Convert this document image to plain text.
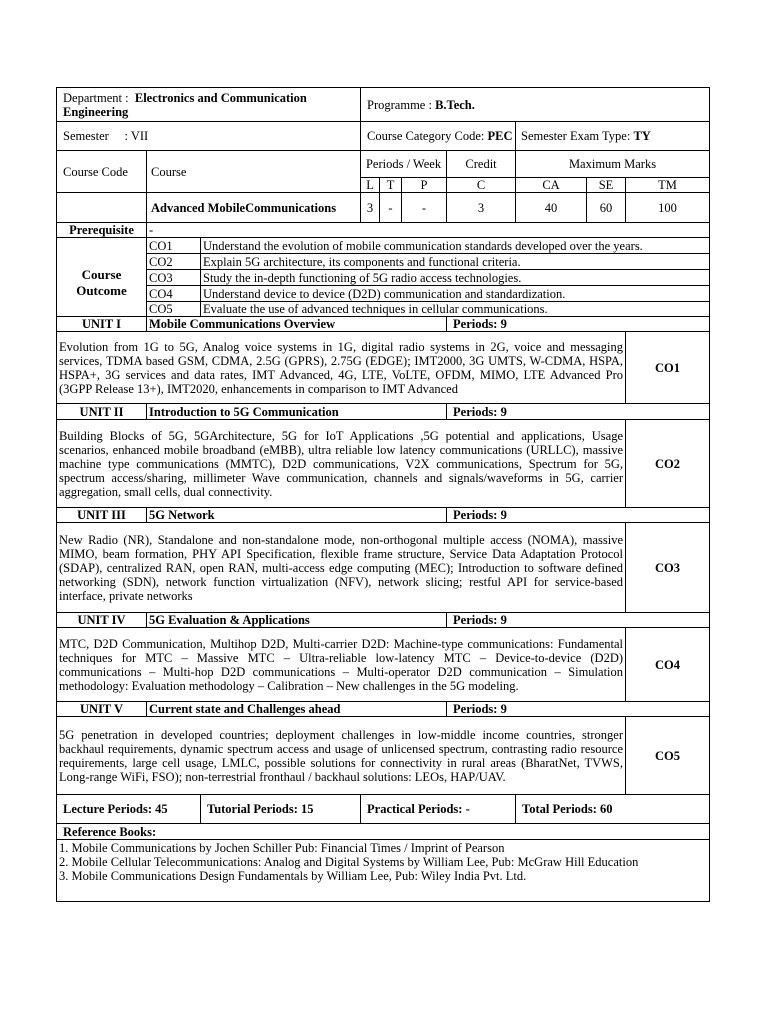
Department : Electronics and Communication Engineering			Programme : B.Tech.						
Semester : VII			Course Category Code: PEC				Semester Exam Type: TY		
Course Code	Course		Periods / Week			Credit	Maximum Marks		
			L	T	P	C	CA	SE	TM
	Advanced MobileCommunications		3	-	-	3	40	60	100
Prerequisite	-								
Course Outcome	CO1	Understand the evolution of mobile communication standards developed over the years.							
	CO2	Explain 5G architecture, its components and functional criteria.							
	CO3	Study the in-depth functioning of 5G radio access technologies.							
	CO4	Understand device to device (D2D) communication and standardization.							
	CO5	Evaluate the use of advanced techniques in cellular communications.							
UNIT I	Mobile Communications Overview					Periods: 9			
Evolution from 1G to 5G, Analog voice systems in 1G, digital radio systems in 2G, voice and messaging services, TDMA based GSM, CDMA, 2.5G (GPRS), 2.75G (EDGE); IMT2000, 3G UMTS, W-CDMA, HSPA, HSPA+, 3G services and data rates, IMT Advanced, 4G, LTE, VoLTE, OFDM, MIMO, LTE Advanced Pro (3GPP Release 13+), IMT2020, enhancements in comparison to IMT Advanced									CO1
UNIT II	Introduction to 5G Communication					Periods: 9			
Building Blocks of 5G, 5GArchitecture, 5G for IoT Applications ,5G potential and applications, Usage scenarios, enhanced mobile broadband (eMBB), ultra reliable low latency communications (URLLC), massive machine type communications (MMTC), D2D communications, V2X communications, Spectrum for 5G, spectrum access/sharing, millimeter Wave communication, channels and signals/waveforms in 5G, carrier aggregation, small cells, dual connectivity.									CO2
UNIT III	5G Network					Periods: 9			
New Radio (NR), Standalone and non-standalone mode, non-orthogonal multiple access (NOMA), massive MIMO, beam formation, PHY API Specification, flexible frame structure, Service Data Adaptation Protocol (SDAP), centralized RAN, open RAN, multi-access edge computing (MEC); Introduction to software defined networking (SDN), network function virtualization (NFV), network slicing; restful API for service-based interface, private networks									CO3
UNIT IV	5G Evaluation & Applications					Periods: 9			
MTC, D2D Communication, Multihop D2D, Multi-carrier D2D: Machine-type communications: Fundamental techniques for MTC – Massive MTC – Ultra-reliable low-latency MTC – Device-to-device (D2D) communications – Multi-hop D2D communications – Multi-operator D2D communication – Simulation methodology: Evaluation methodology – Calibration – New challenges in the 5G modeling.									CO4
UNIT V	Current state and Challenges ahead					Periods: 9			
5G penetration in developed countries; deployment challenges in low-middle income countries, stronger backhaul requirements, dynamic spectrum access and usage of unlicensed spectrum, contrasting radio resource requirements, large cell usage, LMLC, possible solutions for connectivity in rural areas (BharatNet, TVWS, Long-range WiFi, FSO); non-terrestrial fronthaul / backhaul solutions: LEOs, HAP/UAV.									CO5
Lecture Periods: 45		Tutorial Periods: 15	Practical Periods: -				Total Periods: 60		
Reference Books:									

1. Mobile Communications by Jochen Schiller Pub: Financial Times / Imprint of Pearson
2. Mobile Cellular Telecommunications: Analog and Digital Systems by William Lee, Pub: McGraw Hill Education
3. Mobile Communications Design Fundamentals by William Lee, Pub: Wiley India Pvt. Ltd.									
